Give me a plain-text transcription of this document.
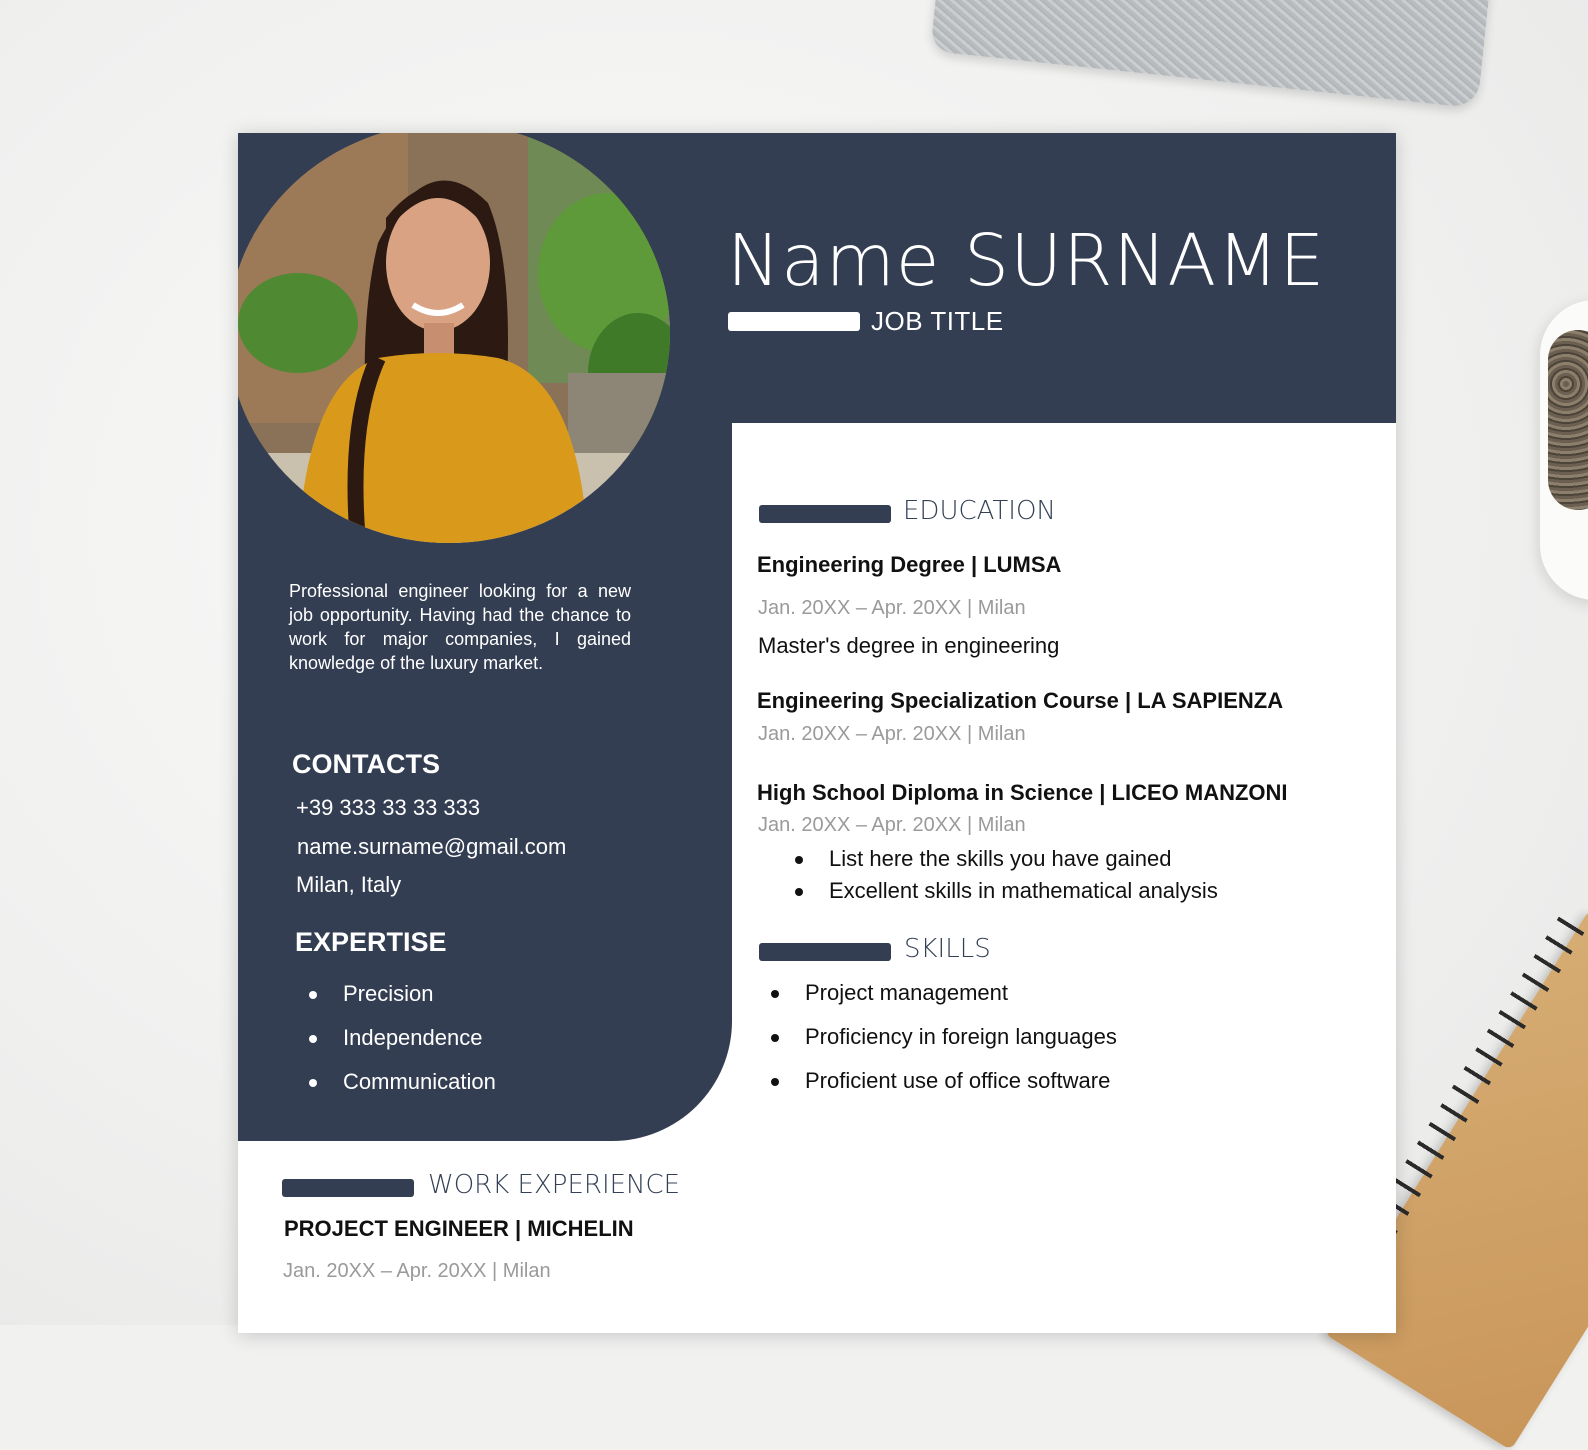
Name SURNAME
JOB TITLE
Professional engineer looking for a new job opportunity. Having had the chance to work for major companies, I gained knowledge of the luxury market.
CONTACTS
+39 333 33 33 333
name.surname@gmail.com
Milan, Italy
EXPERTISE
Precision
Independence
Communication
EDUCATION
Engineering Degree | LUMSA
Jan. 20XX – Apr. 20XX | Milan
Master's degree in engineering
Engineering Specialization Course | LA SAPIENZA
Jan. 20XX – Apr. 20XX | Milan
High School Diploma in Science | LICEO MANZONI
Jan. 20XX – Apr. 20XX | Milan
List here the skills you have gained
Excellent skills in mathematical analysis
SKILLS
Project management
Proficiency in foreign languages
Proficient use of office software
WORK EXPERIENCE
PROJECT ENGINEER | MICHELIN
Jan. 20XX – Apr. 20XX | Milan
